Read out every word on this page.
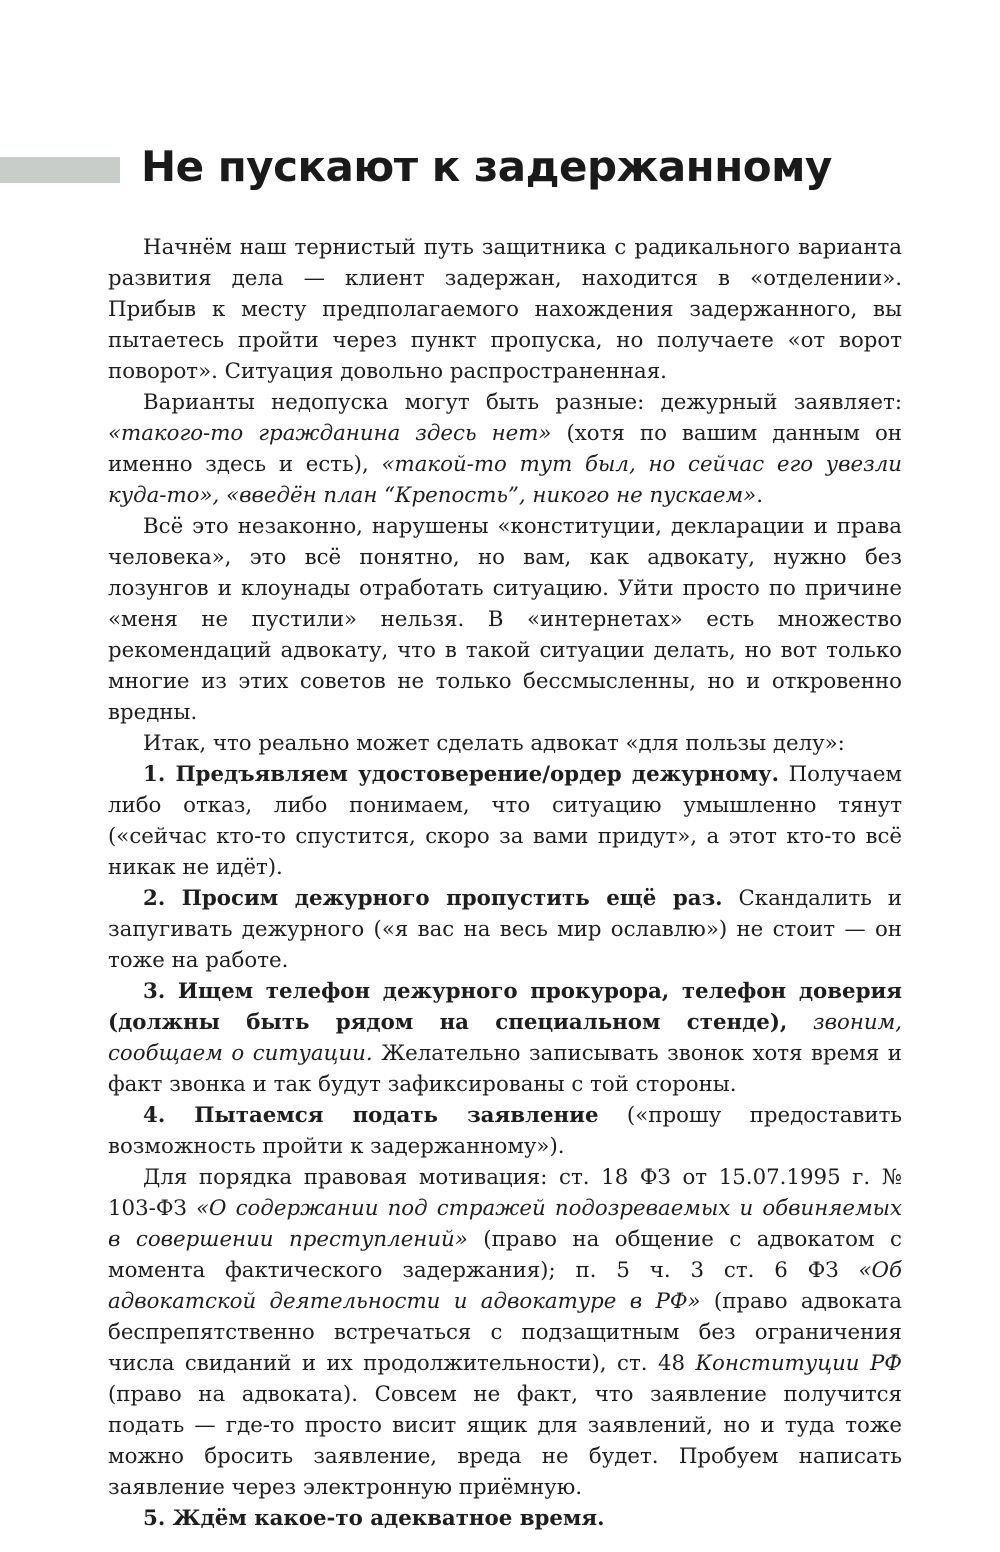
Не пускают к задержанному

Начнём наш тернистый путь защитника с радикального варианта развития дела — клиент задержан, находится в «отделении». Прибыв к месту предполагаемого нахождения задержанного, вы пытаетесь пройти через пункт пропуска, но получаете «от ворот поворот». Ситуация довольно распространенная.

Варианты недопуска могут быть разные: дежурный заявляет: «такого-то гражданина здесь нет» (хотя по вашим данным он именно здесь и есть), «такой-то тут был, но сейчас его увезли куда-то», «введён план “Крепость”, никого не пускаем».

Всё это незаконно, нарушены «конституции, декларации и права человека», это всё понятно, но вам, как адвокату, нужно без лозунгов и клоунады отработать ситуацию. Уйти просто по причине «меня не пустили» нельзя. В «интернетах» есть множество рекомендаций адвокату, что в такой ситуации делать, но вот только многие из этих советов не только бессмысленны, но и откровенно вредны.

Итак, что реально может сделать адвокат «для пользы делу»:

1. Предъявляем удостоверение/ордер дежурному. Получаем либо отказ, либо понимаем, что ситуацию умышленно тянут («сейчас кто-то спустится, скоро за вами придут», а этот кто-то всё никак не идёт).

2. Просим дежурного пропустить ещё раз. Скандалить и запугивать дежурного («я вас на весь мир ославлю») не стоит — он тоже на работе.

3. Ищем телефон дежурного прокурора, телефон доверия (должны быть рядом на специальном стенде), звоним, сообщаем о ситуации. Желательно записывать звонок хотя время и факт звонка и так будут зафиксированы с той стороны.

4. Пытаемся подать заявление («прошу предоставить возможность пройти к задержанному»).

Для порядка правовая мотивация: ст. 18 ФЗ от 15.07.1995 г. № 103-ФЗ «О содержании под стражей подозреваемых и обвиняемых в совершении преступлений» (право на общение с адвокатом с момента фактического задержания); п. 5 ч. 3 ст. 6 ФЗ «Об адвокатской деятельности и адвокатуре в РФ» (право адвоката беспрепятственно встречаться с подзащитным без ограничения числа свиданий и их продолжительности), ст. 48 Конституции РФ (право на адвоката). Совсем не факт, что заявление получится подать — где-то просто висит ящик для заявлений, но и туда тоже можно бросить заявление, вреда не будет. Пробуем написать заявление через электронную приёмную.

5. Ждём какое-то адекватное время.
